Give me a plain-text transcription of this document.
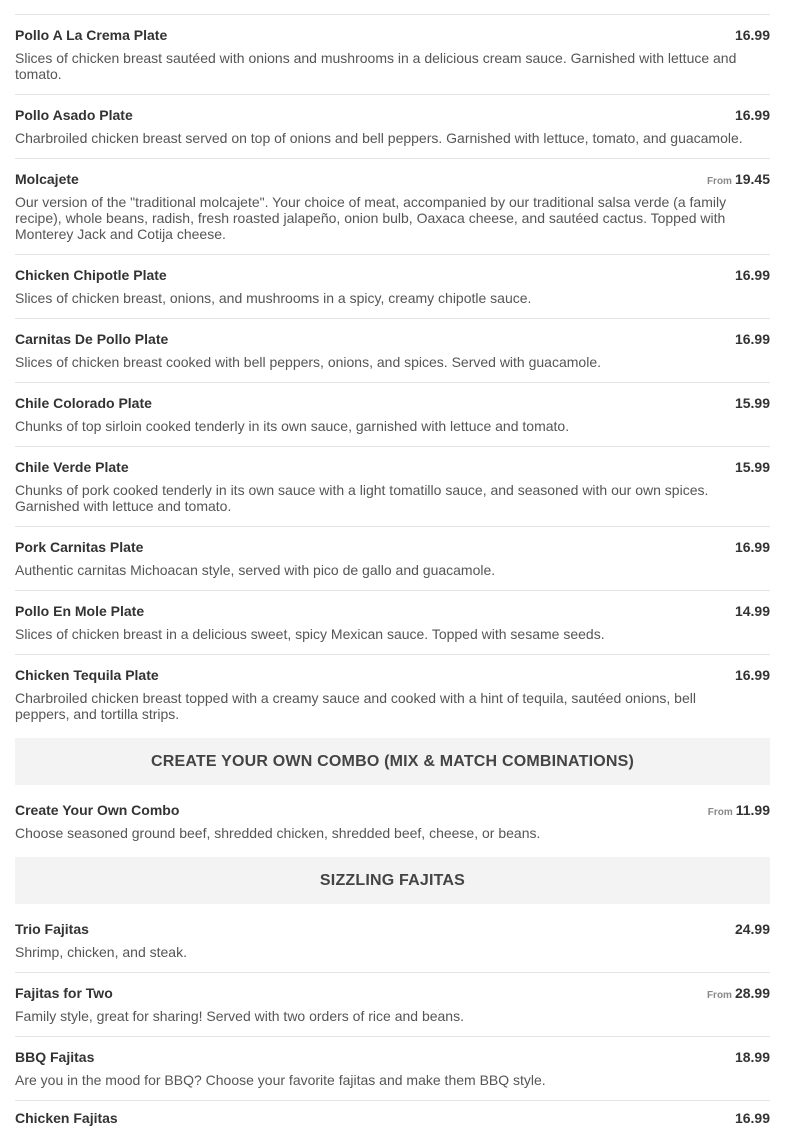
Pollo A La Crema Plate	16.99
Slices of chicken breast sautéed with onions and mushrooms in a delicious cream sauce. Garnished with lettuce and tomato.
Pollo Asado Plate	16.99
Charbroiled chicken breast served on top of onions and bell peppers. Garnished with lettuce, tomato, and guacamole.
Molcajete	From 19.45
Our version of the "traditional molcajete". Your choice of meat, accompanied by our traditional salsa verde (a family recipe), whole beans, radish, fresh roasted jalapeño, onion bulb, Oaxaca cheese, and sautéed cactus. Topped with Monterey Jack and Cotija cheese.
Chicken Chipotle Plate	16.99
Slices of chicken breast, onions, and mushrooms in a spicy, creamy chipotle sauce.
Carnitas De Pollo Plate	16.99
Slices of chicken breast cooked with bell peppers, onions, and spices. Served with guacamole.
Chile Colorado Plate	15.99
Chunks of top sirloin cooked tenderly in its own sauce, garnished with lettuce and tomato.
Chile Verde Plate	15.99
Chunks of pork cooked tenderly in its own sauce with a light tomatillo sauce, and seasoned with our own spices. Garnished with lettuce and tomato.
Pork Carnitas Plate	16.99
Authentic carnitas Michoacan style, served with pico de gallo and guacamole.
Pollo En Mole Plate	14.99
Slices of chicken breast in a delicious sweet, spicy Mexican sauce. Topped with sesame seeds.
Chicken Tequila Plate	16.99
Charbroiled chicken breast topped with a creamy sauce and cooked with a hint of tequila, sautéed onions, bell peppers, and tortilla strips.
CREATE YOUR OWN COMBO (MIX & MATCH COMBINATIONS)
Create Your Own Combo	From 11.99
Choose seasoned ground beef, shredded chicken, shredded beef, cheese, or beans.
SIZZLING FAJITAS
Trio Fajitas	24.99
Shrimp, chicken, and steak.
Fajitas for Two	From 28.99
Family style, great for sharing! Served with two orders of rice and beans.
BBQ Fajitas	18.99
Are you in the mood for BBQ? Choose your favorite fajitas and make them BBQ style.
Chicken Fajitas	16.99
